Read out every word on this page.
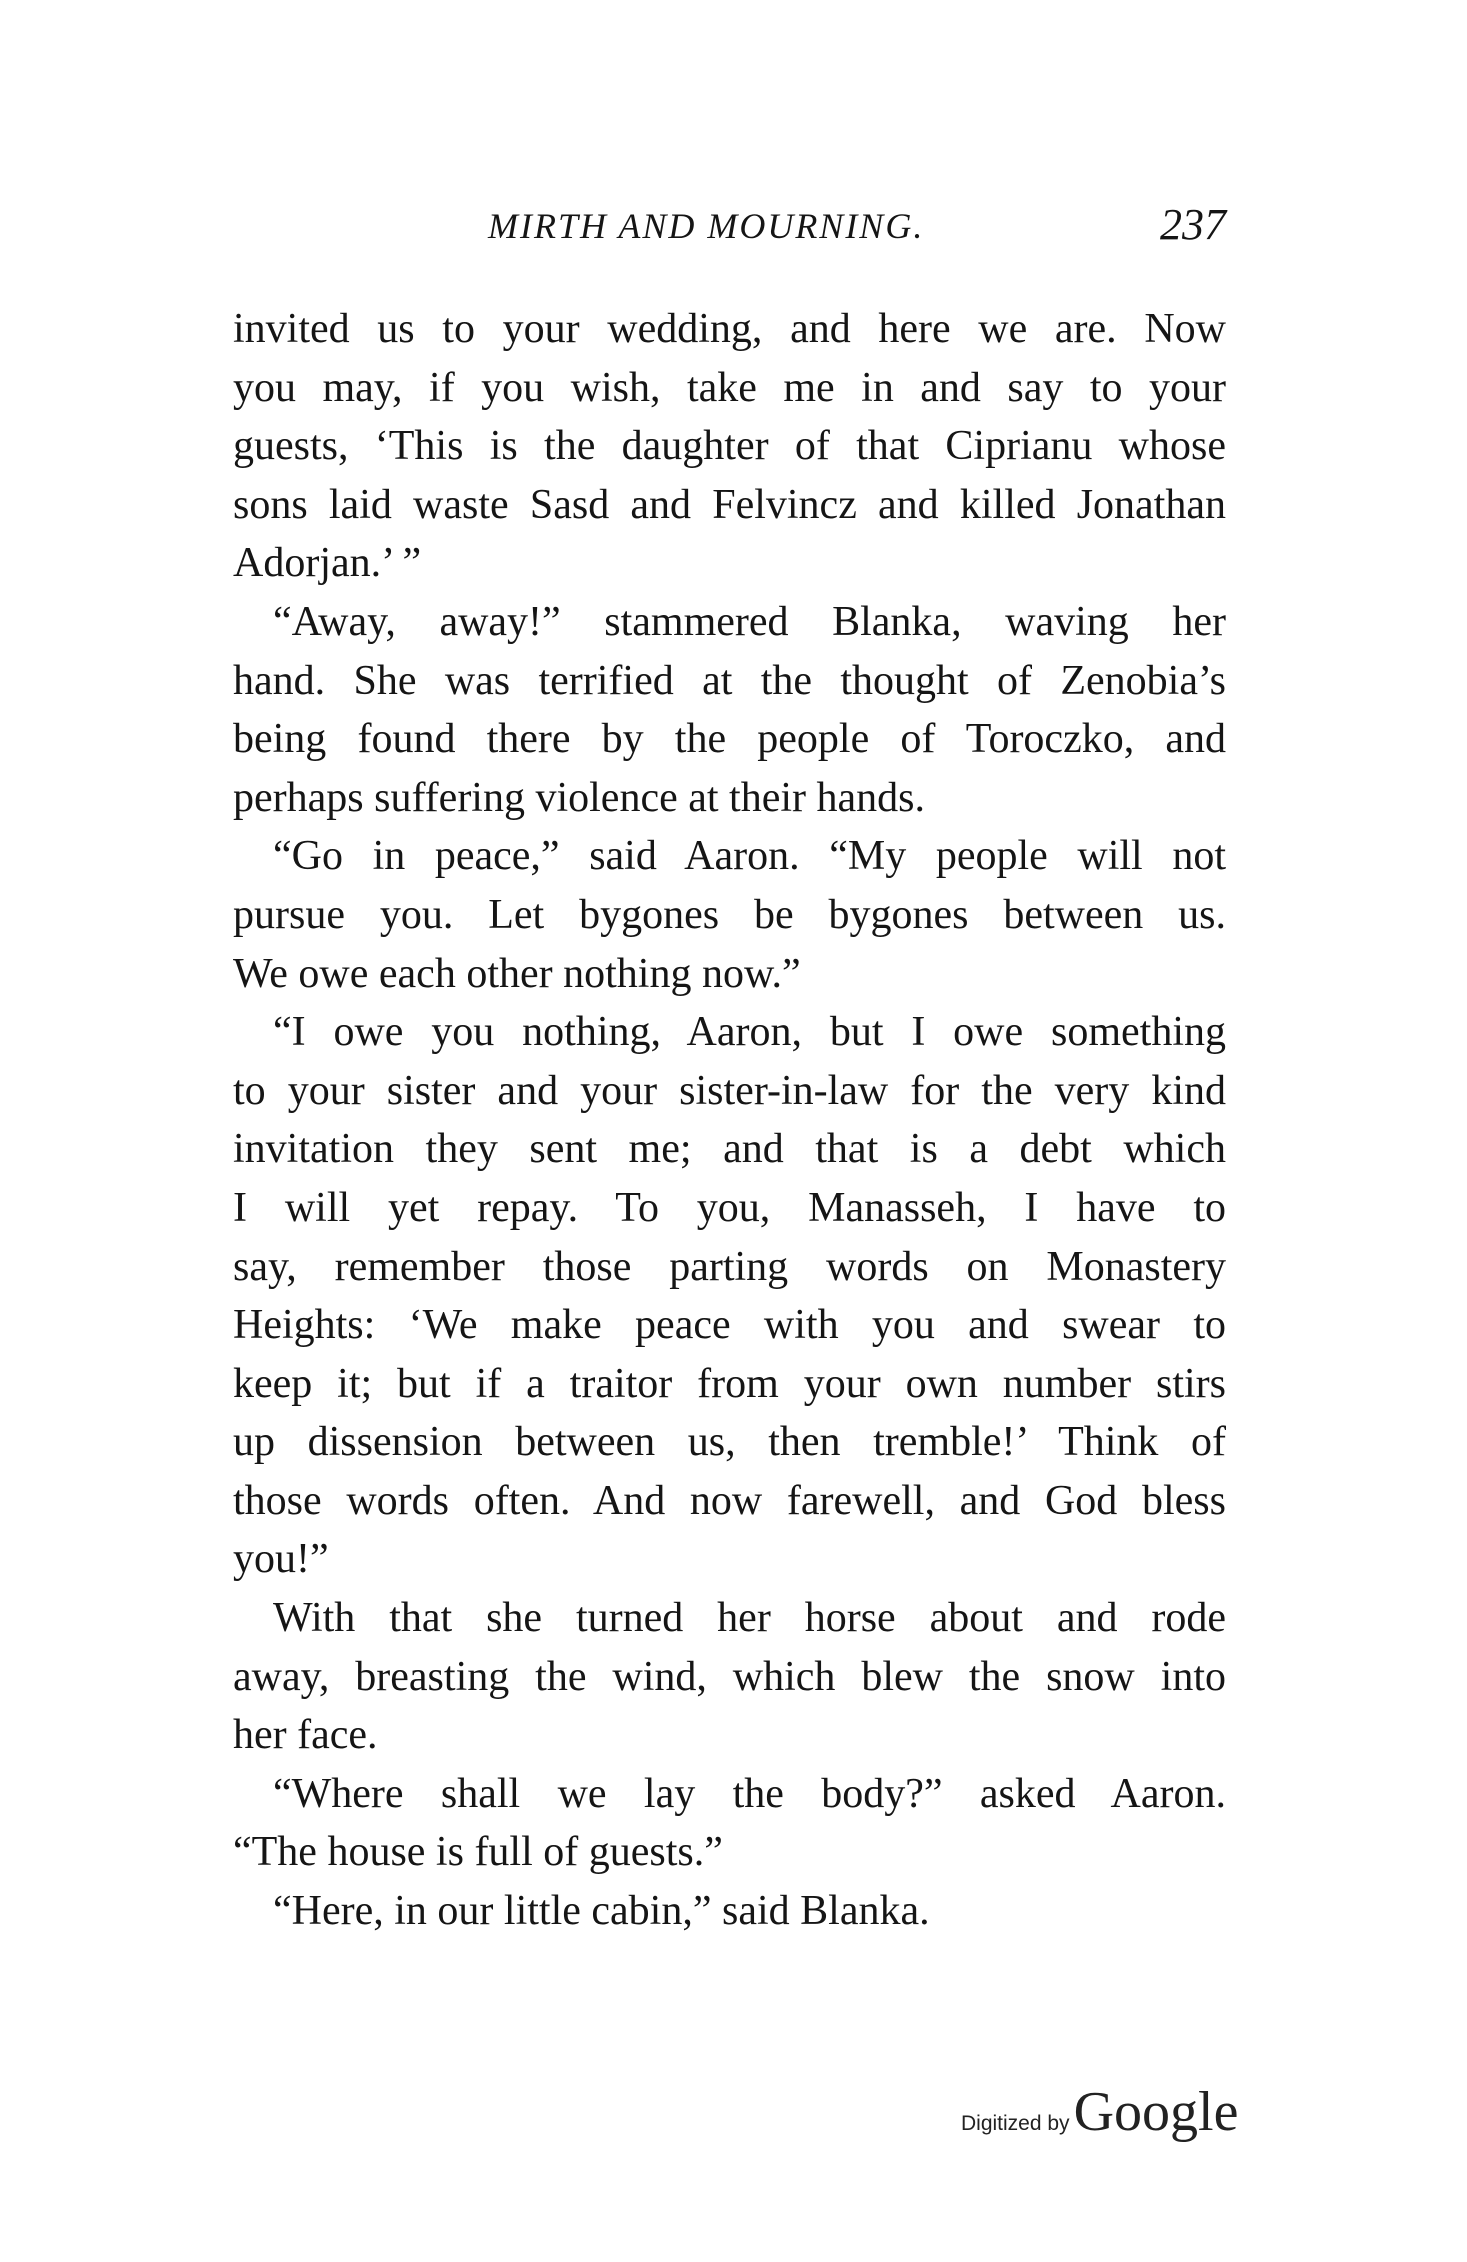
MIRTH AND MOURNING.	237

invited us to your wedding, and here we are. Now
you may, if you wish, take me in and say to your
guests, ‘This is the daughter of that Ciprianu whose
sons laid waste Sasd and Felvincz and killed Jonathan
Adorjan.’ ”

“Away, away!” stammered Blanka, waving her
hand. She was terrified at the thought of Zenobia’s
being found there by the people of Toroczko, and
perhaps suffering violence at their hands.

“Go in peace,” said Aaron. “My people will not
pursue you. Let bygones be bygones between us.
We owe each other nothing now.”

“I owe you nothing, Aaron, but I owe something
to your sister and your sister-in-law for the very kind
invitation they sent me; and that is a debt which
I will yet repay. To you, Manasseh, I have to
say, remember those parting words on Monastery
Heights: ‘We make peace with you and swear to
keep it; but if a traitor from your own number stirs
up dissension between us, then tremble!’ Think of
those words often. And now farewell, and God bless
you!”

With that she turned her horse about and rode
away, breasting the wind, which blew the snow into
her face.

“Where shall we lay the body?” asked Aaron.
“The house is full of guests.”

“Here, in our little cabin,” said Blanka.

Digitized by Google
